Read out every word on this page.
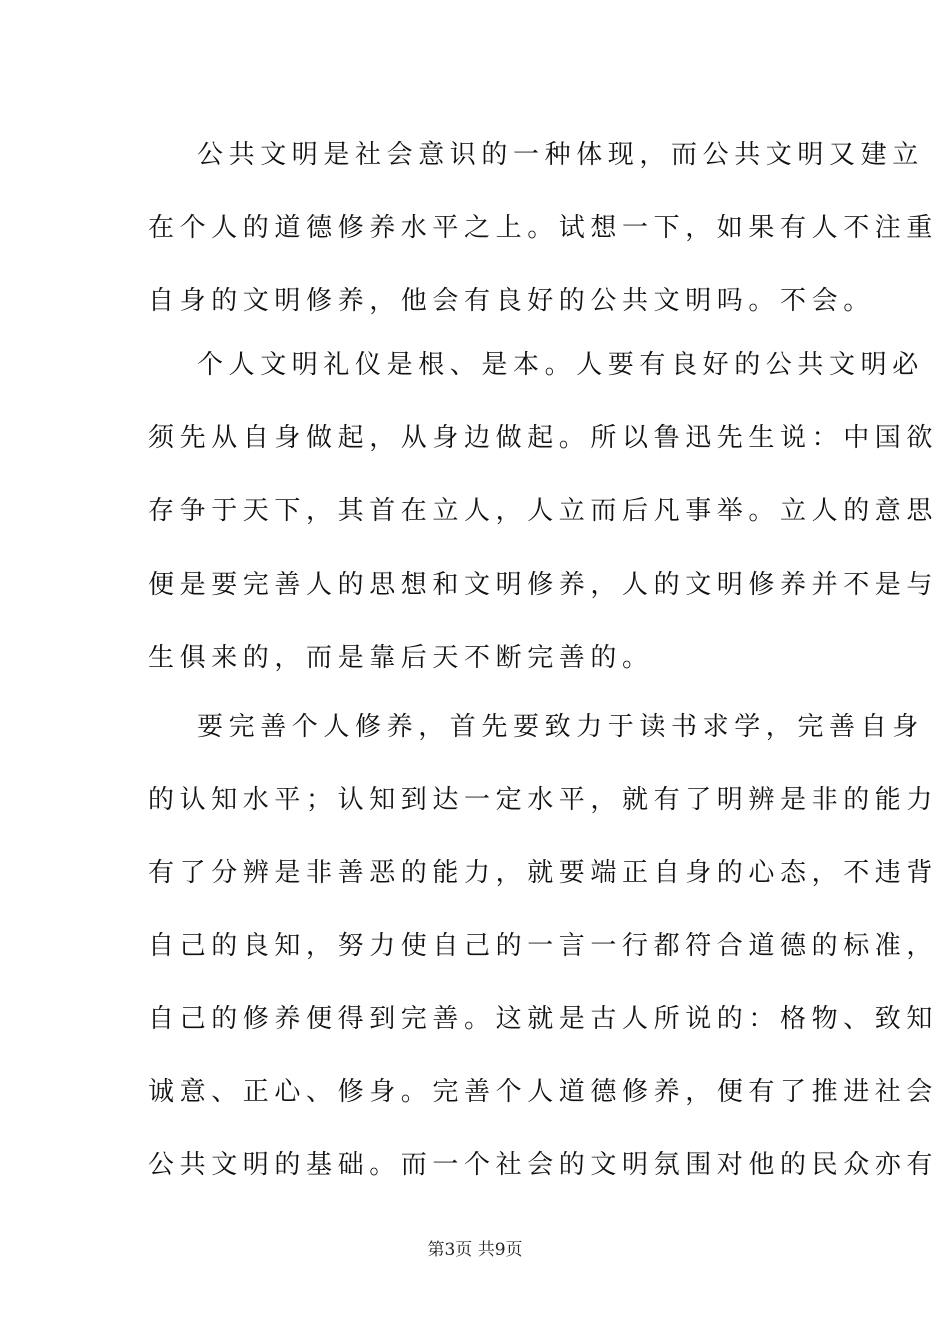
公共文明是社会意识的一种体现，而公共文明又建立
在个人的道德修养水平之上。试想一下，如果有人不注重
自身的文明修养，他会有良好的公共文明吗。不会。
个人文明礼仪是根、是本。人要有良好的公共文明必
须先从自身做起，从身边做起。所以鲁迅先生说：中国欲
存争于天下，其首在立人，人立而后凡事举。立人的意思
便是要完善人的思想和文明修养，人的文明修养并不是与
生俱来的，而是靠后天不断完善的。
要完善个人修养，首先要致力于读书求学，完善自身
的认知水平；认知到达一定水平，就有了明辨是非的能力
有了分辨是非善恶的能力，就要端正自身的心态，不违背
自己的良知，努力使自己的一言一行都符合道德的标准，
自己的修养便得到完善。这就是古人所说的：格物、致知
诚意、正心、修身。完善个人道德修养，便有了推进社会
公共文明的基础。而一个社会的文明氛围对他的民众亦有
第3页 共9页
